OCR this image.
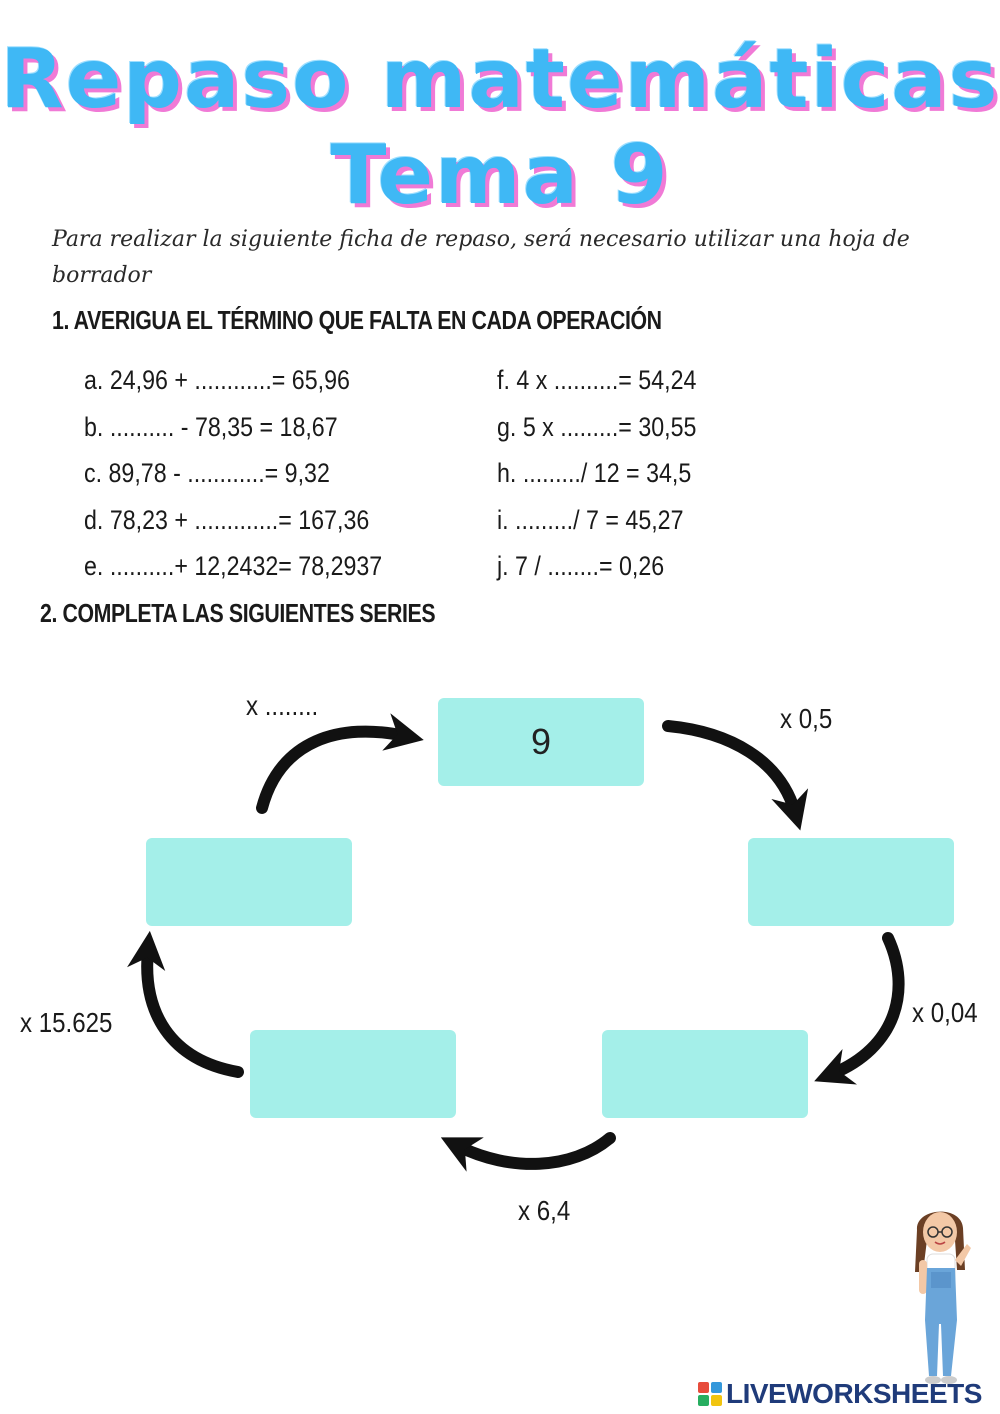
Repaso matemáticas
Tema 9
Para realizar la siguiente ficha de repaso, será necesario utilizar una hoja de borrador
1. AVERIGUA EL TÉRMINO QUE FALTA EN CADA OPERACIÓN
a. 24,96 + ............= 65,96
b. .......... - 78,35 = 18,67
c. 89,78 - ............= 9,32
d. 78,23 + .............= 167,36
e. ..........+ 12,2432= 78,2937
f. 4 x ..........= 54,24
g. 5 x .........= 30,55
h. ........./ 12 = 34,5
i. ........./ 7 = 45,27
j. 7 / ........= 0,26
2. COMPLETA LAS SIGUIENTES SERIES
9
x ........	x 0,5
x 0,04
x 6,4
x 15.625
LIVEWORKSHEETS
